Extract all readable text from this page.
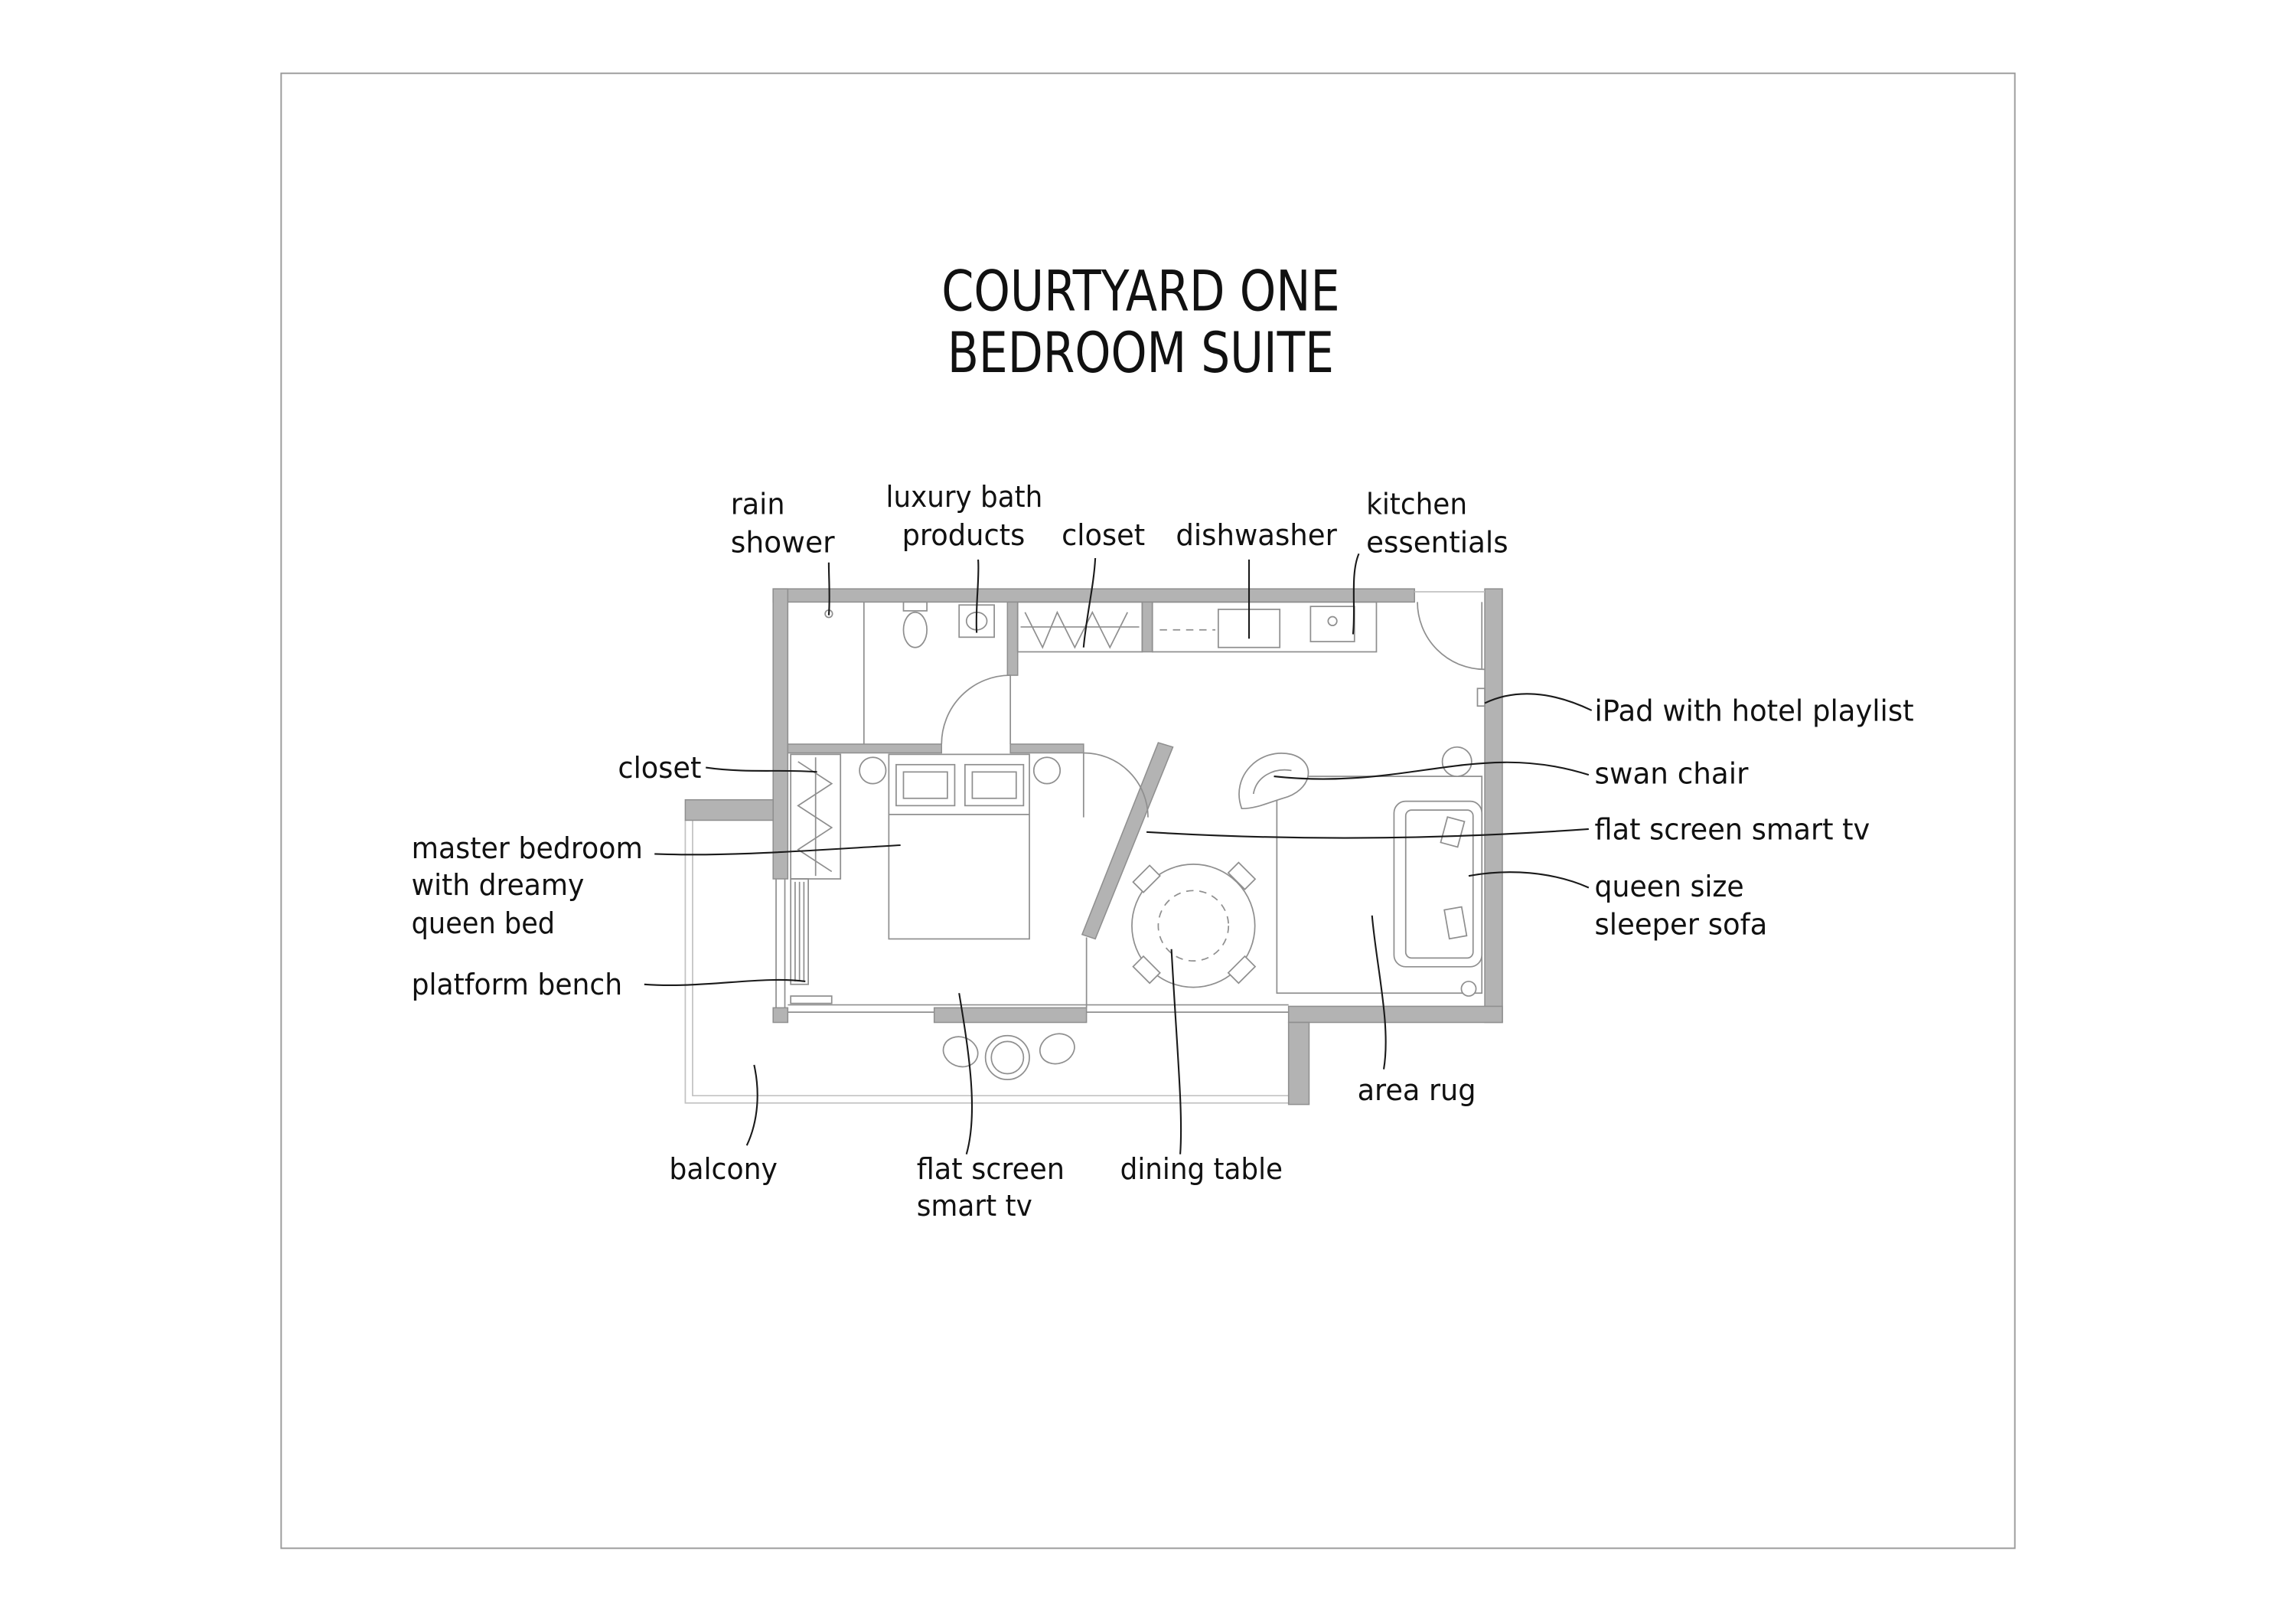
COURTYARD ONE
BEDROOM SUITE
rain
shower
luxury bath
products closet dishwasher
kitchen
essentials
iPad with hotel playlist
closet	swan chair
master bedroom
with dreamy
queen bed
flat screen smart tv
queen size
sleeper sofa
platform bench
area rug
balcony	flat screen
smart tv
dining table
